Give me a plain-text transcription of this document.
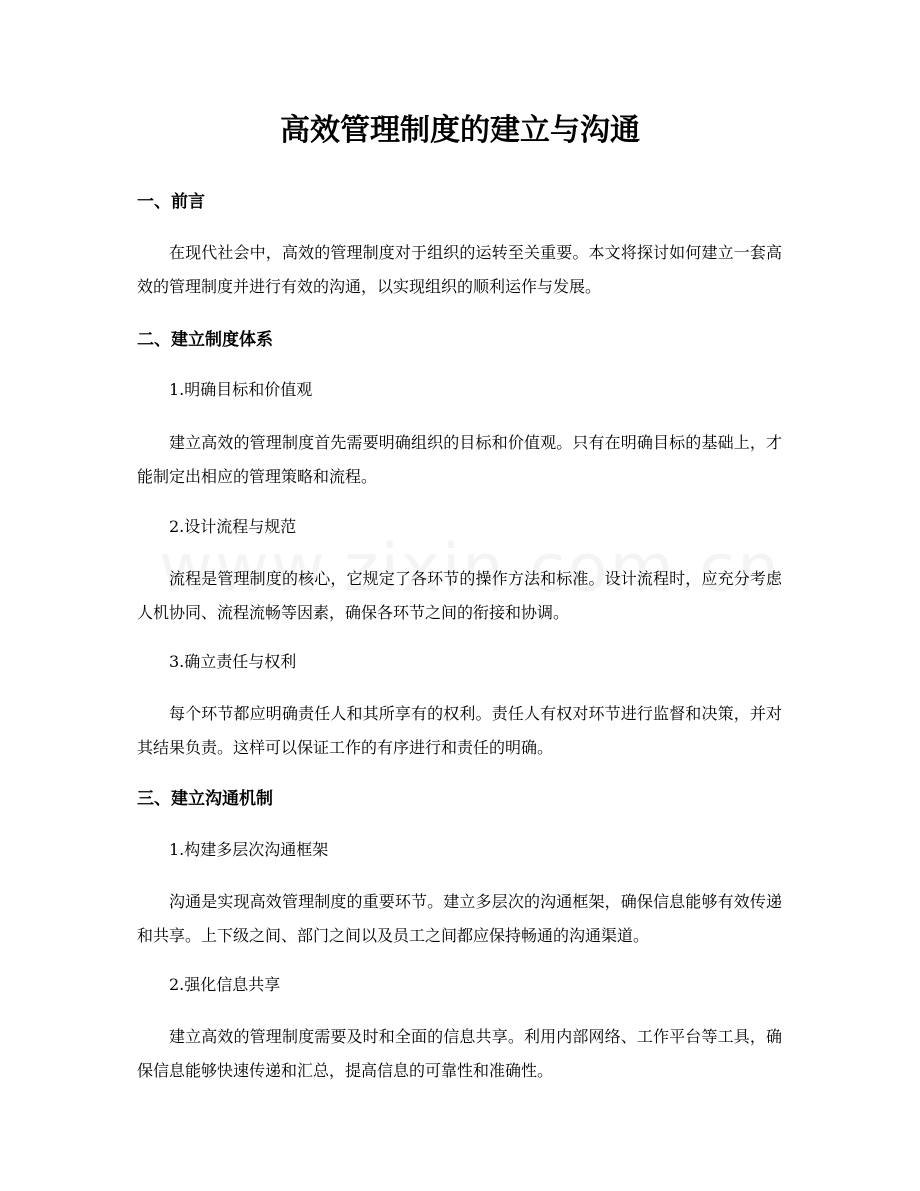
高效管理制度的建立与沟通
一、前言
在现代社会中，高效的管理制度对于组织的运转至关重要。本文将探讨如何建立一套高效的管理制度并进行有效的沟通，以实现组织的顺利运作与发展。
二、建立制度体系
1.明确目标和价值观
建立高效的管理制度首先需要明确组织的目标和价值观。只有在明确目标的基础上，才能制定出相应的管理策略和流程。
2.设计流程与规范
流程是管理制度的核心，它规定了各环节的操作方法和标准。设计流程时，应充分考虑人机协同、流程流畅等因素，确保各环节之间的衔接和协调。
3.确立责任与权利
每个环节都应明确责任人和其所享有的权利。责任人有权对环节进行监督和决策，并对其结果负责。这样可以保证工作的有序进行和责任的明确。
三、建立沟通机制
1.构建多层次沟通框架
沟通是实现高效管理制度的重要环节。建立多层次的沟通框架，确保信息能够有效传递和共享。上下级之间、部门之间以及员工之间都应保持畅通的沟通渠道。
2.强化信息共享
建立高效的管理制度需要及时和全面的信息共享。利用内部网络、工作平台等工具，确保信息能够快速传递和汇总，提高信息的可靠性和准确性。
